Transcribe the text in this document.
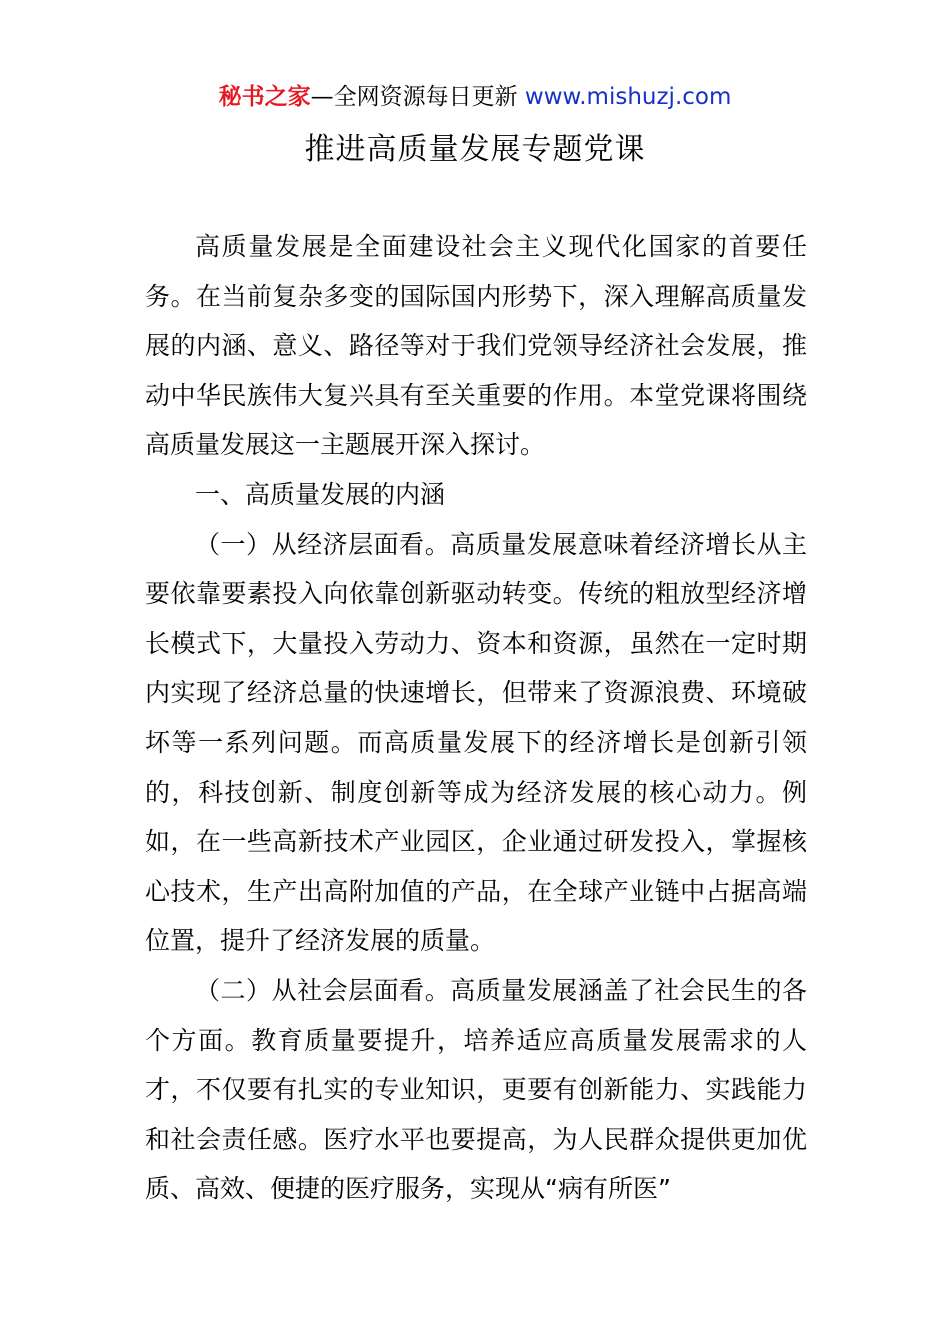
秘书之家—全网资源每日更新 www.mishuzj.com
推进高质量发展专题党课

高质量发展是全面建设社会主义现代化国家的首要任务。在当前复杂多变的国际国内形势下，深入理解高质量发展的内涵、意义、路径等对于我们党领导经济社会发展，推动中华民族伟大复兴具有至关重要的作用。本堂党课将围绕高质量发展这一主题展开深入探讨。

一、高质量发展的内涵

（一）从经济层面看。高质量发展意味着经济增长从主要依靠要素投入向依靠创新驱动转变。传统的粗放型经济增长模式下，大量投入劳动力、资本和资源，虽然在一定时期内实现了经济总量的快速增长，但带来了资源浪费、环境破坏等一系列问题。而高质量发展下的经济增长是创新引领的，科技创新、制度创新等成为经济发展的核心动力。例如，在一些高新技术产业园区，企业通过研发投入，掌握核心技术，生产出高附加值的产品，在全球产业链中占据高端位置，提升了经济发展的质量。

（二）从社会层面看。高质量发展涵盖了社会民生的各个方面。教育质量要提升，培养适应高质量发展需求的人才，不仅要有扎实的专业知识，更要有创新能力、实践能力和社会责任感。医疗水平也要提高，为人民群众提供更加优质、高效、便捷的医疗服务，实现从“病有所医”
